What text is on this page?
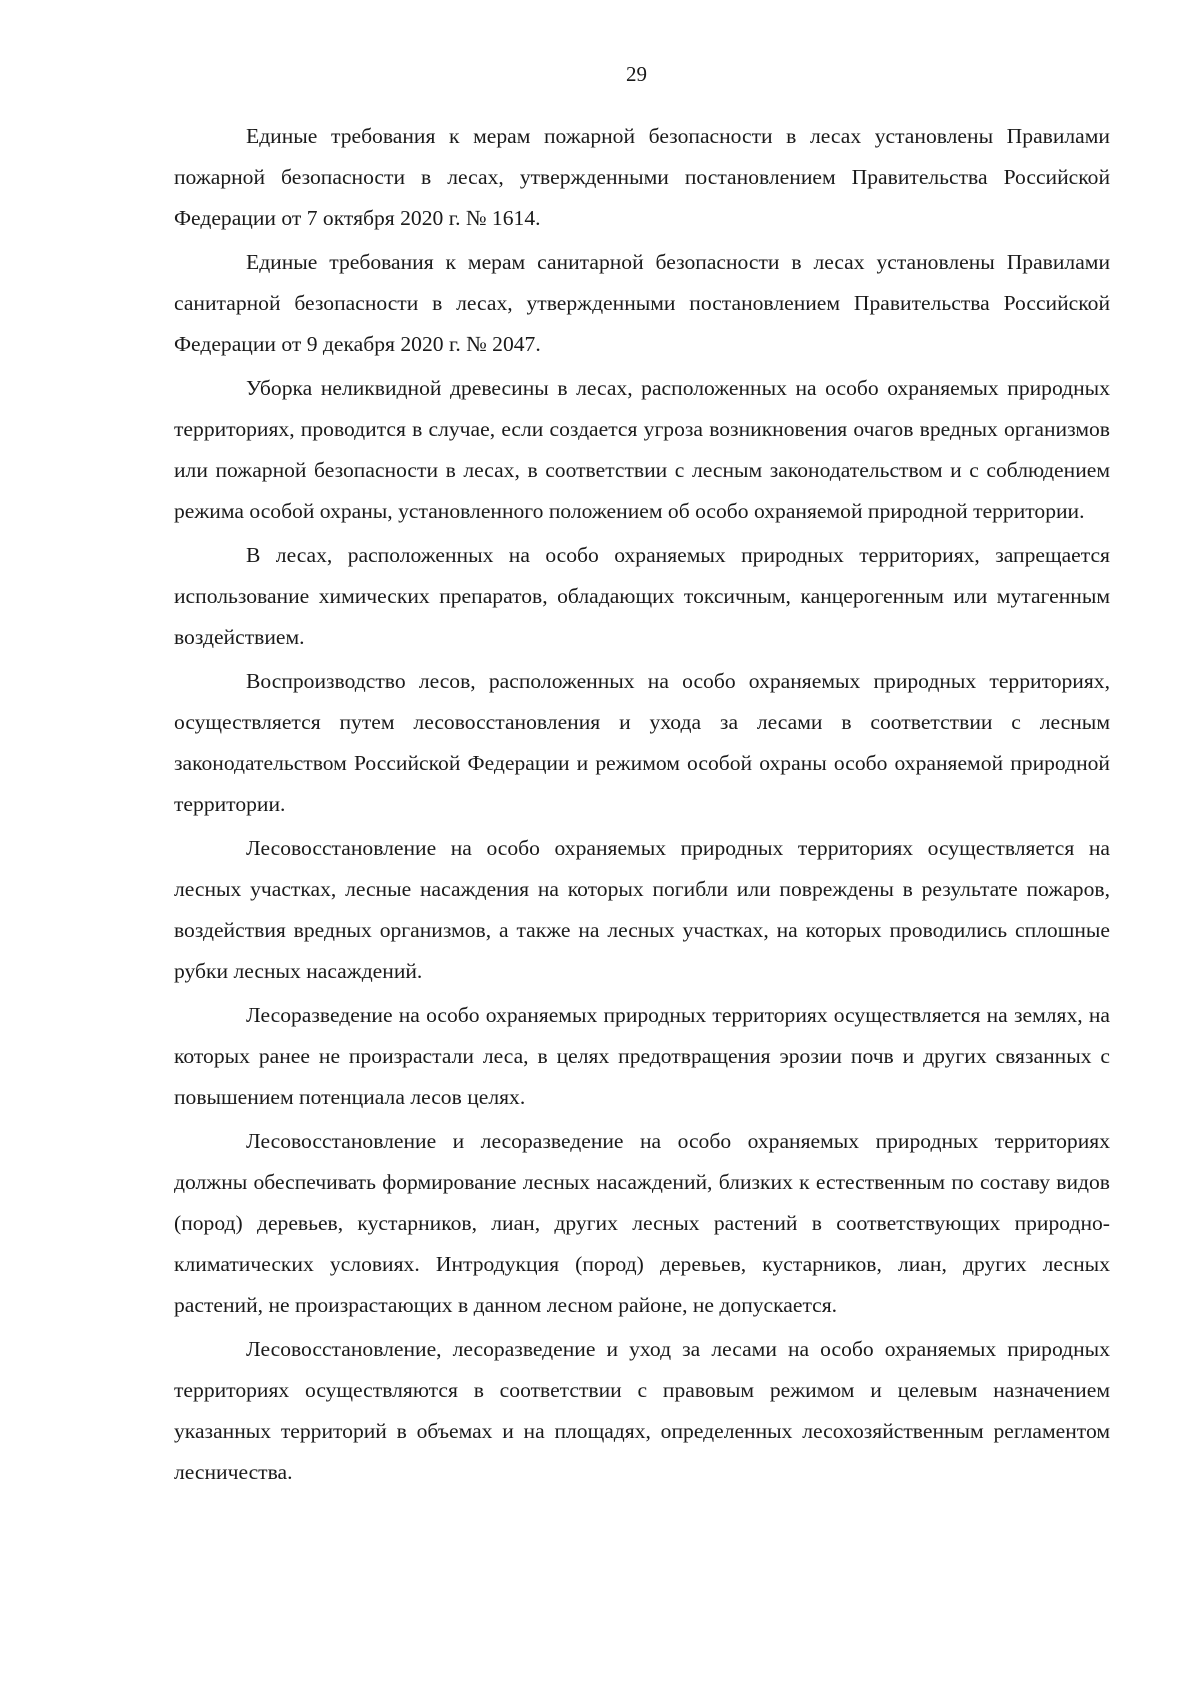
29

Единые требования к мерам пожарной безопасности в лесах установлены Правилами пожарной безопасности в лесах, утвержденными постановлением Правительства Российской Федерации от 7 октября 2020 г. № 1614.

Единые требования к мерам санитарной безопасности в лесах установлены Правилами санитарной безопасности в лесах, утвержденными постановлением Правительства Российской Федерации от 9 декабря 2020 г. № 2047.

Уборка неликвидной древесины в лесах, расположенных на особо охраняемых природных территориях, проводится в случае, если создается угроза возникновения очагов вредных организмов или пожарной безопасности в лесах, в соответствии с лесным законодательством и с соблюдением режима особой охраны, установленного положением об особо охраняемой природной территории.

В лесах, расположенных на особо охраняемых природных территориях, запрещается использование химических препаратов, обладающих токсичным, канцерогенным или мутагенным воздействием.

Воспроизводство лесов, расположенных на особо охраняемых природных территориях, осуществляется путем лесовосстановления и ухода за лесами в соответствии с лесным законодательством Российской Федерации и режимом особой охраны особо охраняемой природной территории.

Лесовосстановление на особо охраняемых природных территориях осуществляется на лесных участках, лесные насаждения на которых погибли или повреждены в результате пожаров, воздействия вредных организмов, а также на лесных участках, на которых проводились сплошные рубки лесных насаждений.

Лесоразведение на особо охраняемых природных территориях осуществляется на землях, на которых ранее не произрастали леса, в целях предотвращения эрозии почв и других связанных с повышением потенциала лесов целях.

Лесовосстановление и лесоразведение на особо охраняемых природных территориях должны обеспечивать формирование лесных насаждений, близких к естественным по составу видов (пород) деревьев, кустарников, лиан, других лесных растений в соответствующих природно-климатических условиях. Интродукция (пород) деревьев, кустарников, лиан, других лесных растений, не произрастающих в данном лесном районе, не допускается.

Лесовосстановление, лесоразведение и уход за лесами на особо охраняемых природных территориях осуществляются в соответствии с правовым режимом и целевым назначением указанных территорий в объемах и на площадях, определенных лесохозяйственным регламентом лесничества.
